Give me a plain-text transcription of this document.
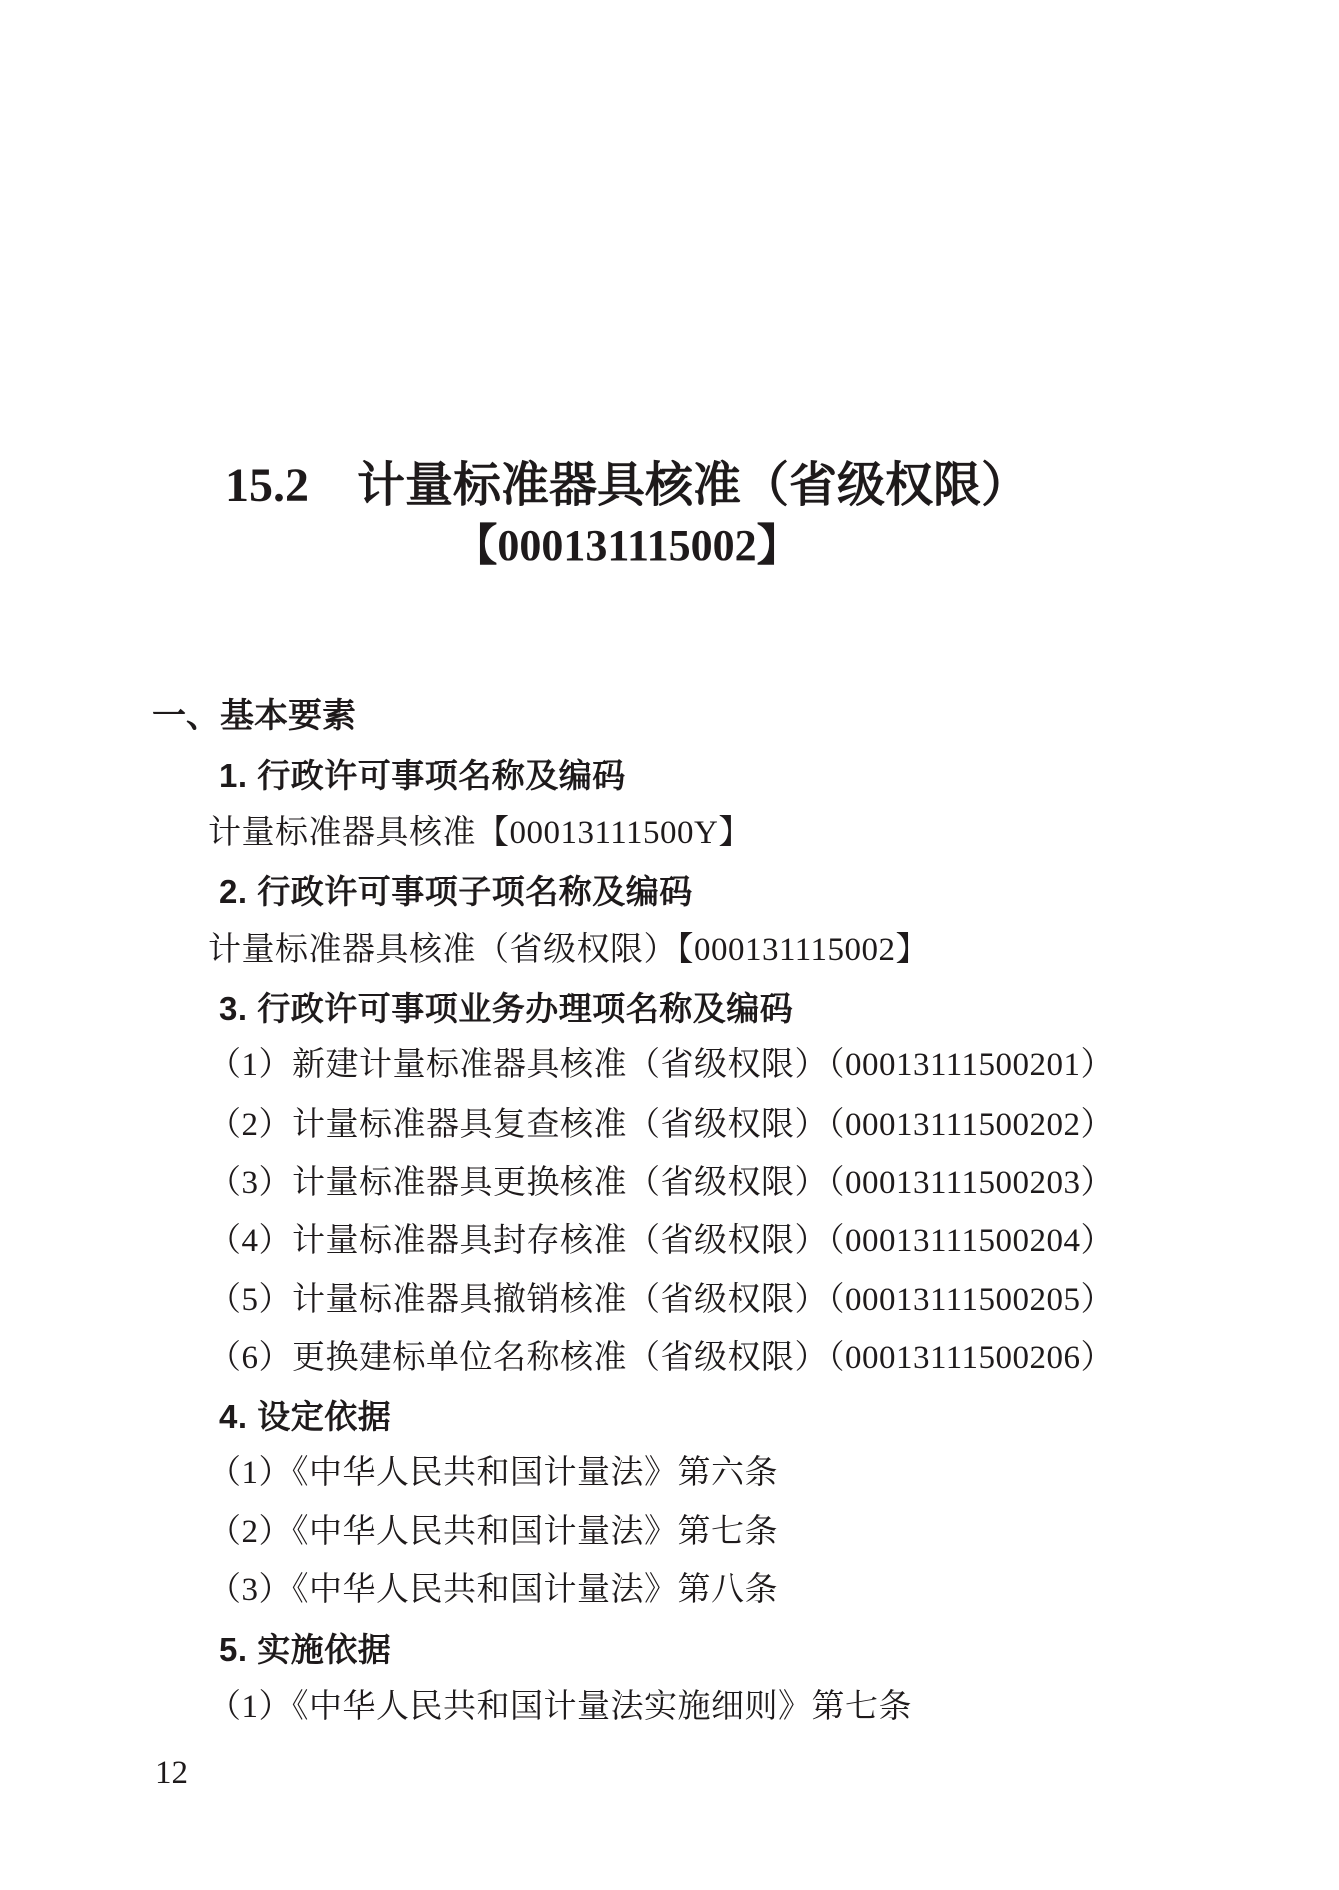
15.2　计量标准器具核准（省级权限）
【000131115002】
一、基本要素
1. 行政许可事项名称及编码
计量标准器具核准【00013111500Y】
2. 行政许可事项子项名称及编码
计量标准器具核准（省级权限）【000131115002】
3. 行政许可事项业务办理项名称及编码
（1）新建计量标准器具核准（省级权限）（00013111500201）
（2）计量标准器具复查核准（省级权限）（00013111500202）
（3）计量标准器具更换核准（省级权限）（00013111500203）
（4）计量标准器具封存核准（省级权限）（00013111500204）
（5）计量标准器具撤销核准（省级权限）（00013111500205）
（6）更换建标单位名称核准（省级权限）（00013111500206）
4. 设定依据
（1）《中华人民共和国计量法》第六条
（2）《中华人民共和国计量法》第七条
（3）《中华人民共和国计量法》第八条
5. 实施依据
（1）《中华人民共和国计量法实施细则》第七条
12
